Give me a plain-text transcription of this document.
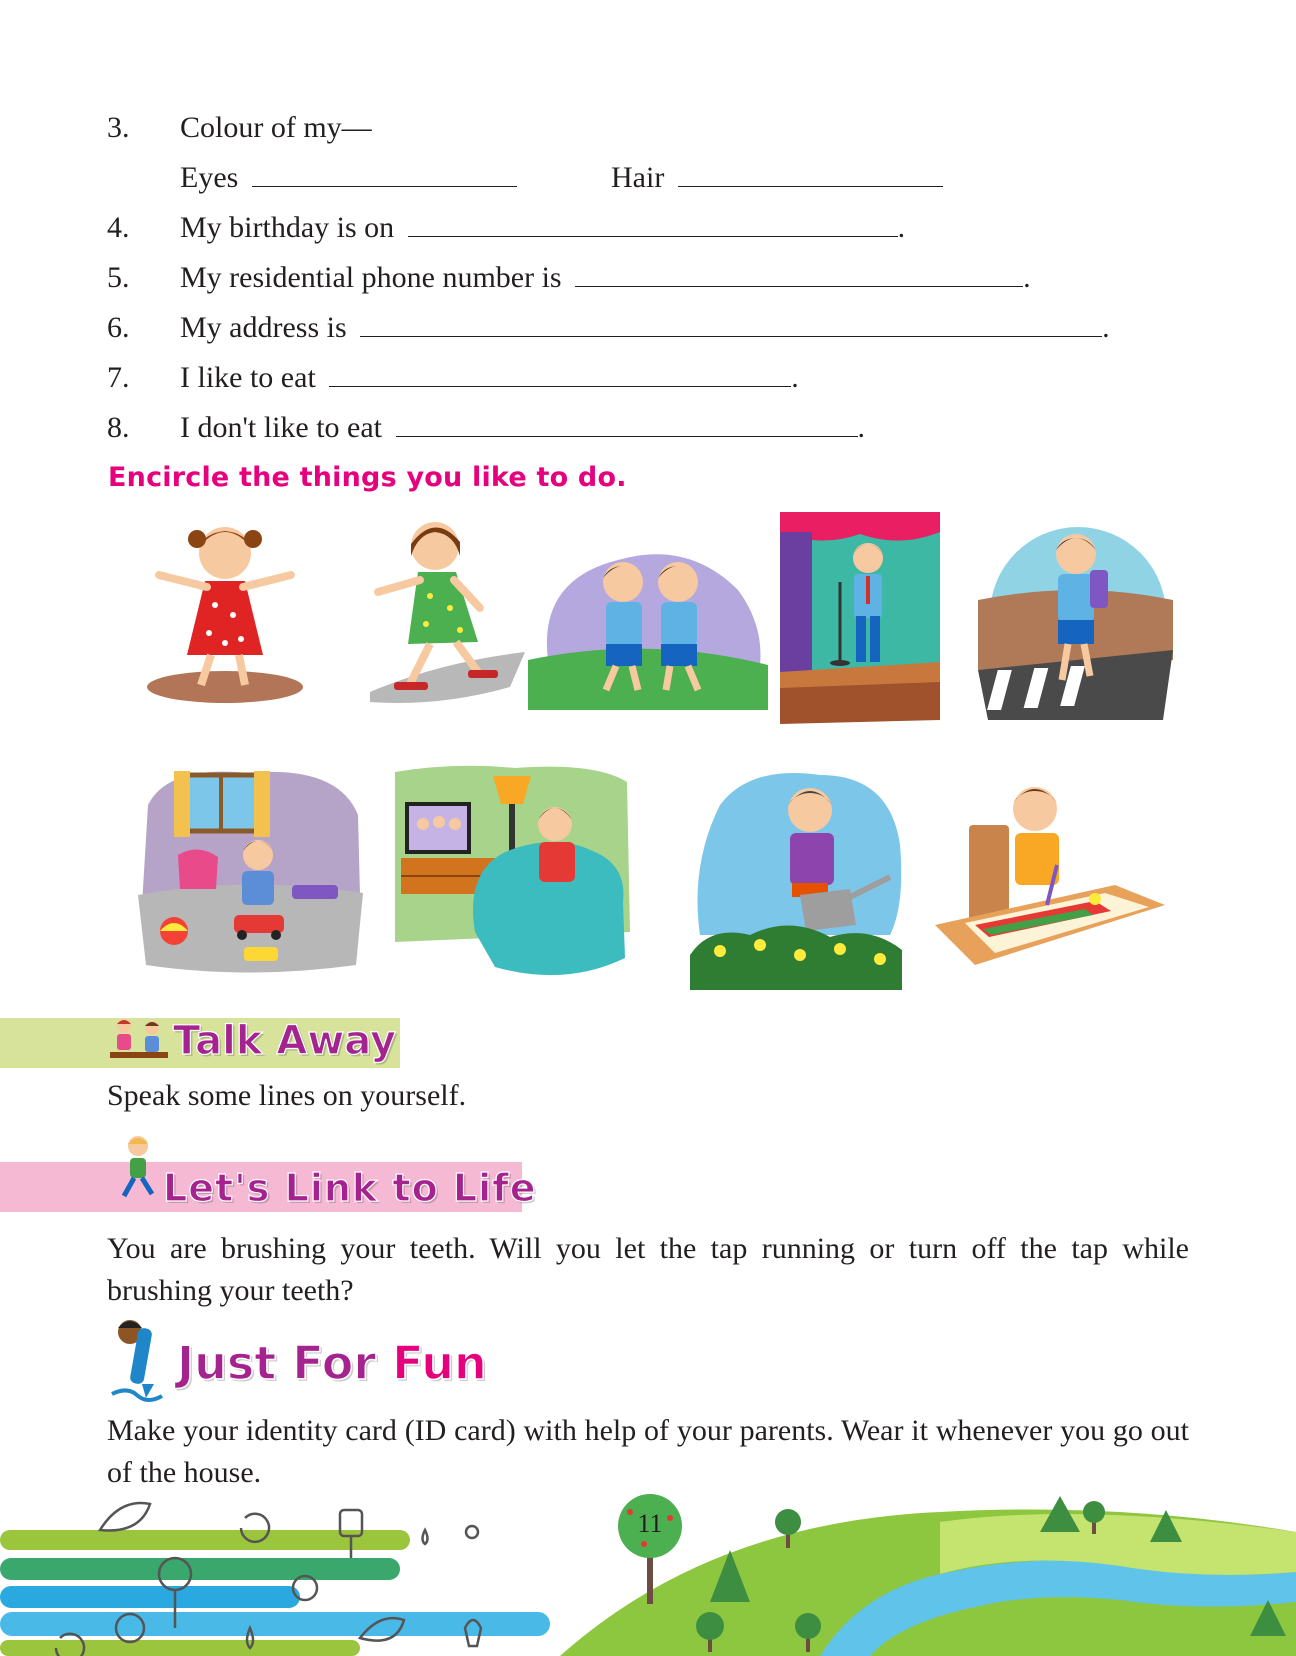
3. Colour of my—
Eyes	Hair
4. My birthday is on	.
5. My residential phone number is	.
6. My address is	.
7. I like to eat	.
8. I don't like to eat	.
Encircle the things you like to do.
Talk Away
Speak some lines on yourself.
Let's Link to Life
You are brushing your teeth. Will you let the tap running or turn off the tap while brushing your teeth?
Just For Fun
Make your identity card (ID card) with help of your parents. Wear it whenever you go out of the house.
11
